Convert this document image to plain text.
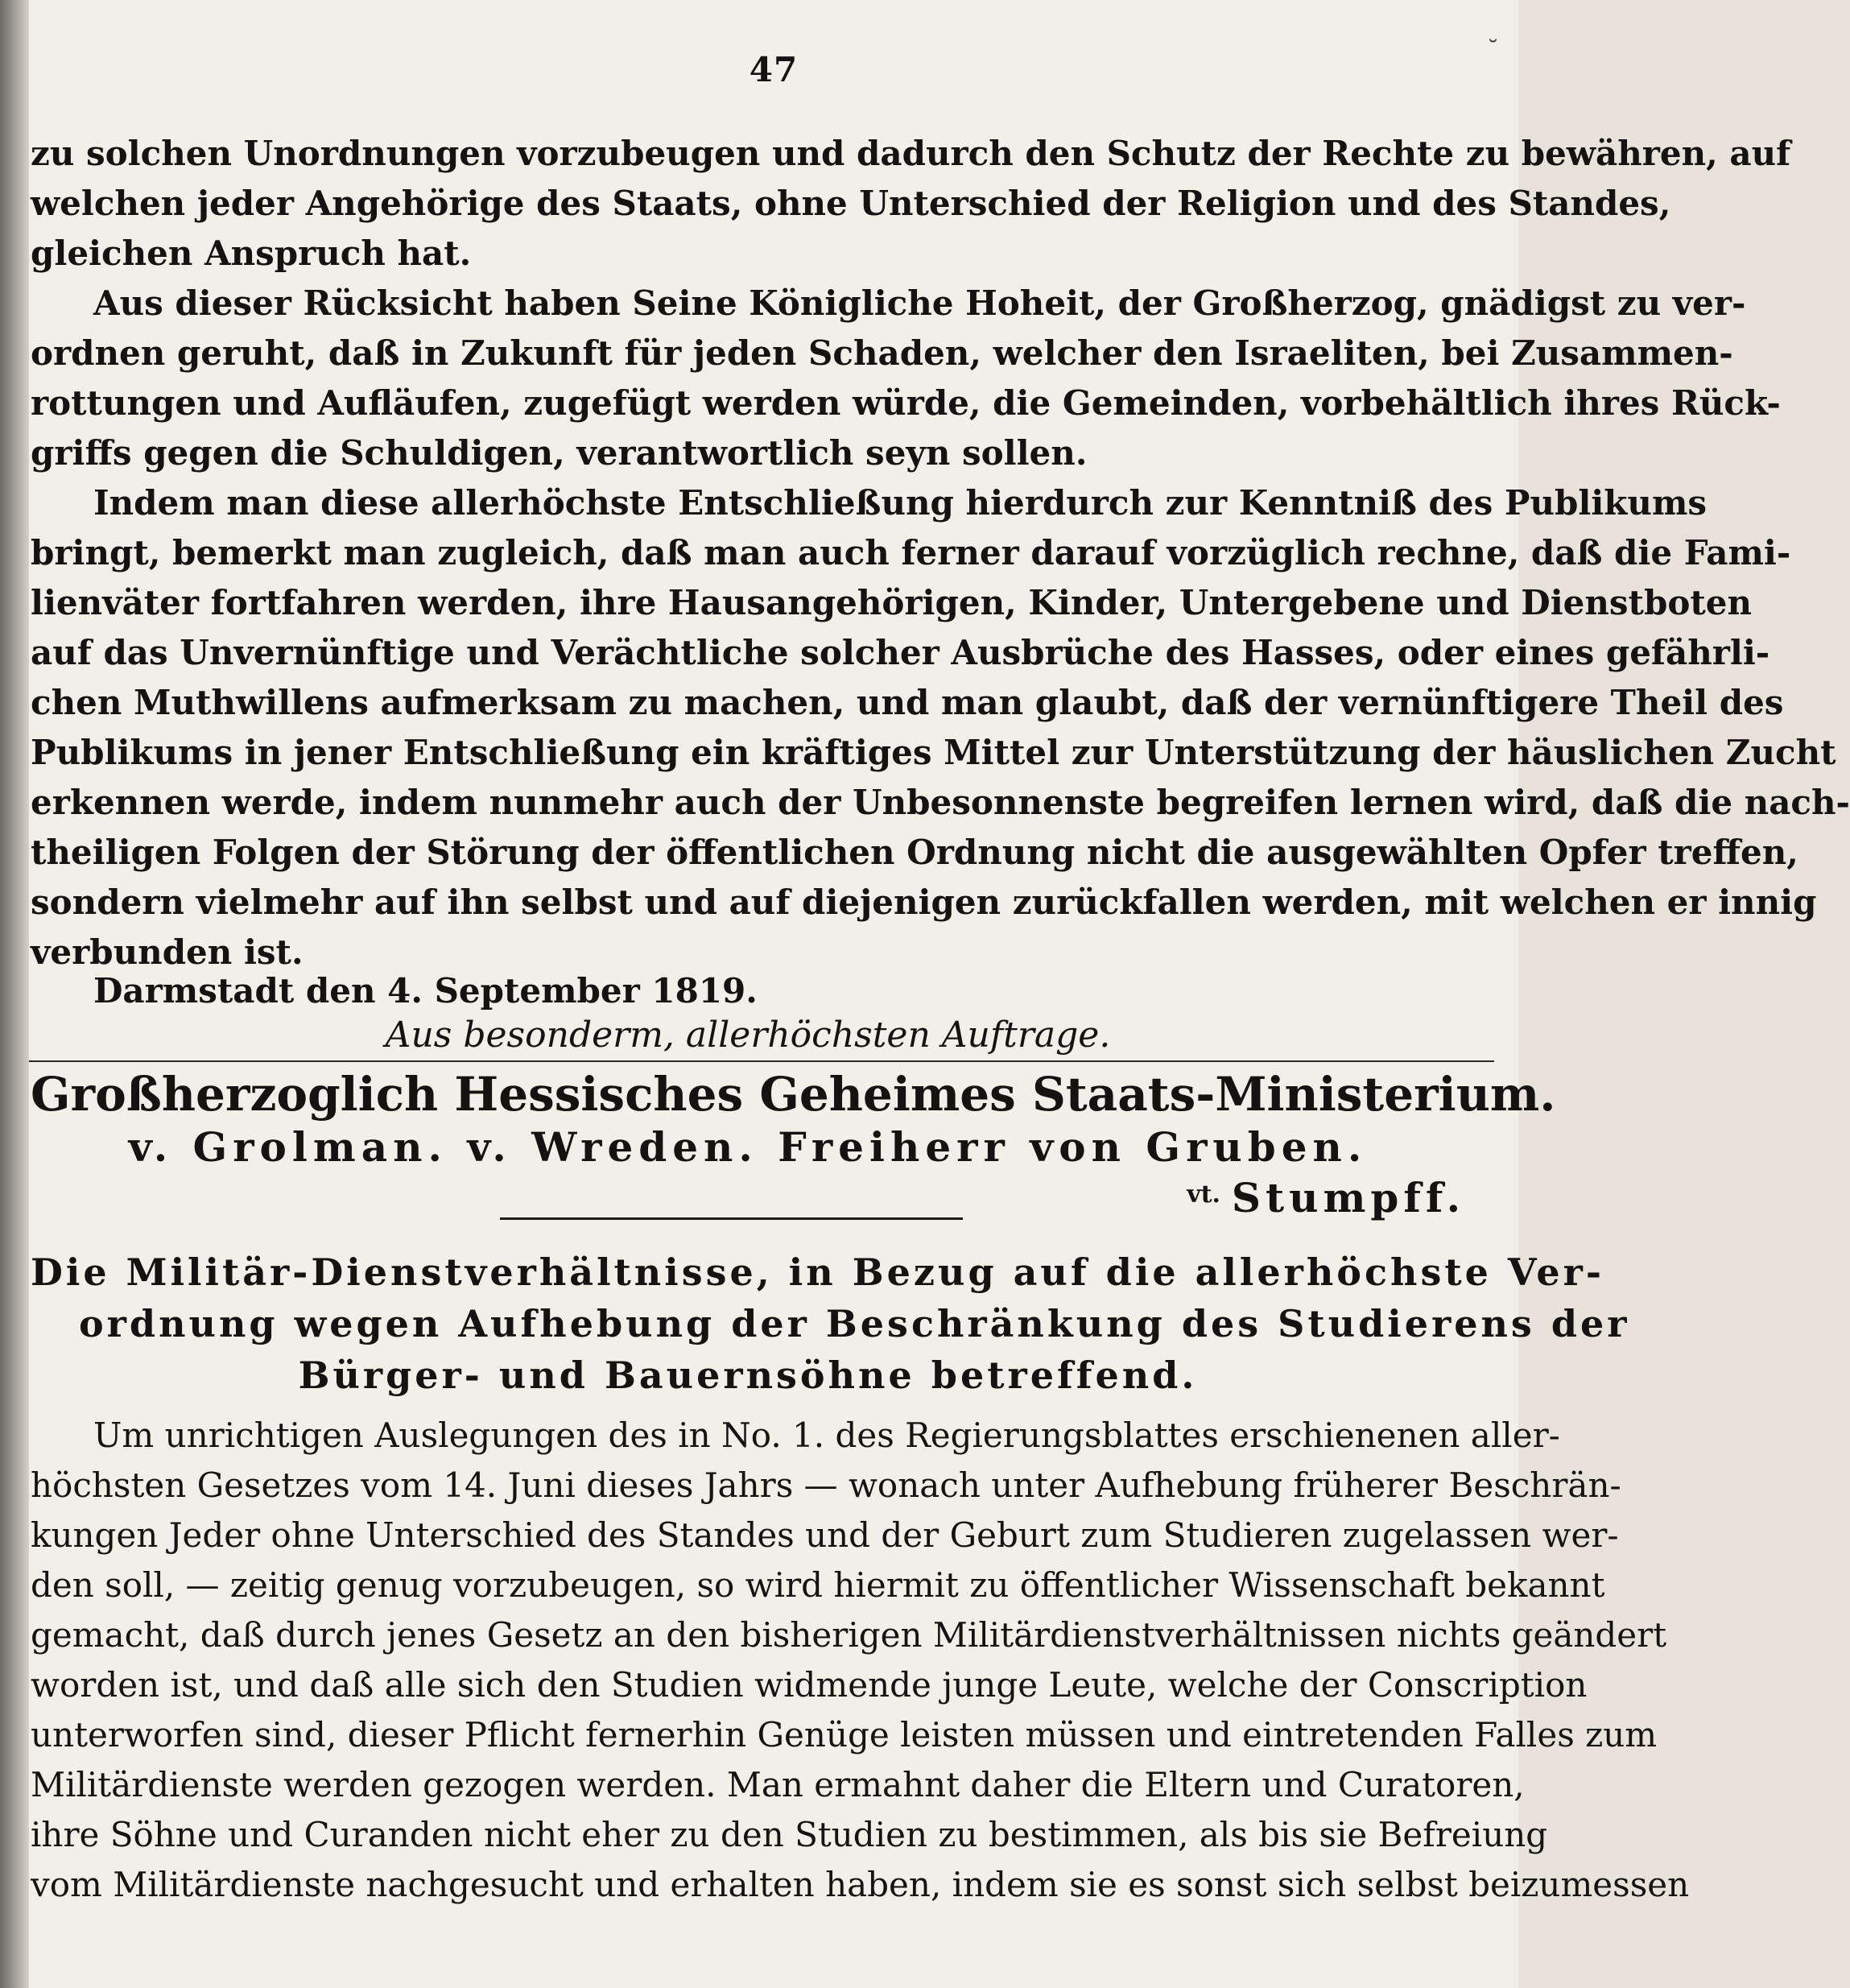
˘
47
zu solchen Unordnungen vorzubeugen und dadurch den Schutz der Rechte zu bewähren, auf
welchen jeder Angehörige des Staats, ohne Unterschied der Religion und des Standes,
gleichen Anspruch hat.
Aus dieser Rücksicht haben Seine Königliche Hoheit, der Großherzog, gnädigst zu ver-
ordnen geruht, daß in Zukunft für jeden Schaden, welcher den Israeliten, bei Zusammen-
rottungen und Aufläufen, zugefügt werden würde, die Gemeinden, vorbehältlich ihres Rück-
griffs gegen die Schuldigen, verantwortlich seyn sollen.
Indem man diese allerhöchste Entschließung hierdurch zur Kenntniß des Publikums
bringt, bemerkt man zugleich, daß man auch ferner darauf vorzüglich rechne, daß die Fami-
lienväter fortfahren werden, ihre Hausangehörigen, Kinder, Untergebene und Dienstboten
auf das Unvernünftige und Verächtliche solcher Ausbrüche des Hasses, oder eines gefährli-
chen Muthwillens aufmerksam zu machen, und man glaubt, daß der vernünftigere Theil des
Publikums in jener Entschließung ein kräftiges Mittel zur Unterstützung der häuslichen Zucht
erkennen werde, indem nunmehr auch der Unbesonnenste begreifen lernen wird, daß die nach-
theiligen Folgen der Störung der öffentlichen Ordnung nicht die ausgewählten Opfer treffen,
sondern vielmehr auf ihn selbst und auf diejenigen zurückfallen werden, mit welchen er innig
verbunden ist.
Darmstadt den 4. September 1819.
Aus besonderm, allerhöchsten Auftrage.
Großherzoglich Hessisches Geheimes Staats-Ministerium.
v. Grolman. v. Wreden. Freiherr von Gruben.
$^{vt.}$ Stumpff.
Die Militär-Dienstverhältnisse, in Bezug auf die allerhöchste Ver-
ordnung wegen Aufhebung der Beschränkung des Studierens der
Bürger- und Bauernsöhne betreffend.
Um unrichtigen Auslegungen des in No. 1. des Regierungsblattes erschienenen aller-
höchsten Gesetzes vom 14. Juni dieses Jahrs — wonach unter Aufhebung früherer Beschrän-
kungen Jeder ohne Unterschied des Standes und der Geburt zum Studieren zugelassen wer-
den soll, — zeitig genug vorzubeugen, so wird hiermit zu öffentlicher Wissenschaft bekannt
gemacht, daß durch jenes Gesetz an den bisherigen Militärdienstverhältnissen nichts geändert
worden ist, und daß alle sich den Studien widmende junge Leute, welche der Conscription
unterworfen sind, dieser Pflicht fernerhin Genüge leisten müssen und eintretenden Falles zum
Militärdienste werden gezogen werden. Man ermahnt daher die Eltern und Curatoren,
ihre Söhne und Curanden nicht eher zu den Studien zu bestimmen, als bis sie Befreiung
vom Militärdienste nachgesucht und erhalten haben, indem sie es sonst sich selbst beizumessen
